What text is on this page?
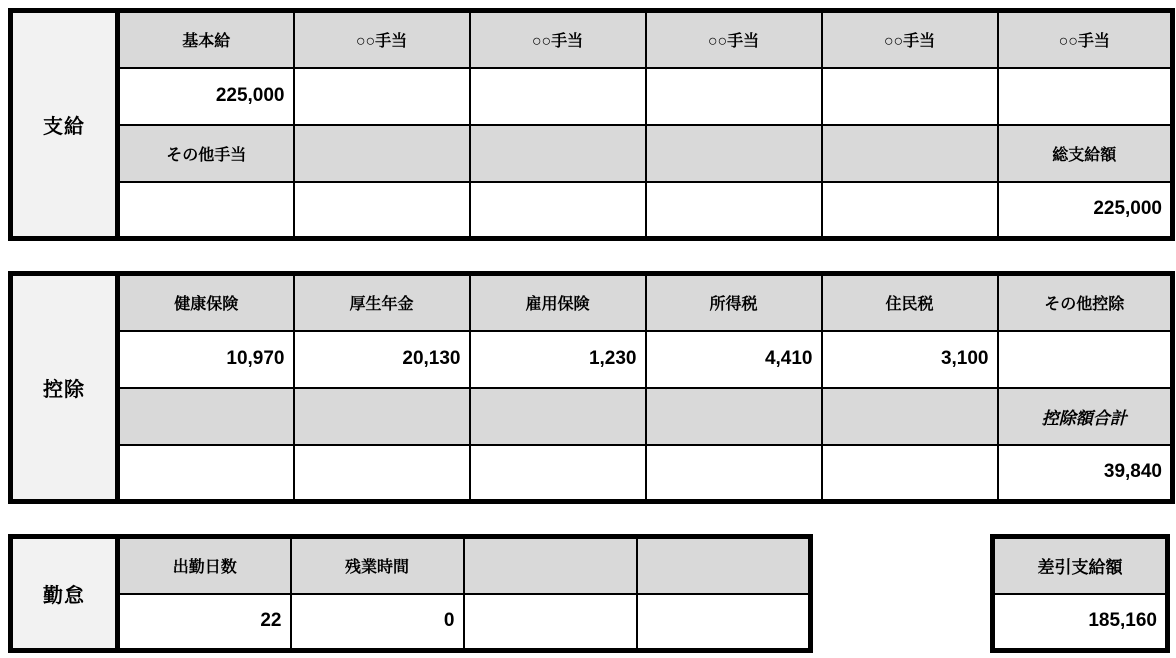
支給	基本給	○○手当	○○手当	○○手当	○○手当	○○手当
	225,000					
	その他手当					総支給額
						225,000
控除	健康保険	厚生年金	雇用保険	所得税	住民税	その他控除
	10,970	20,130	1,230	4,410	3,100	
						控除額合計
						39,840
勤怠	出勤日数	残業時間		
	22	0		
差引支給額
185,160
